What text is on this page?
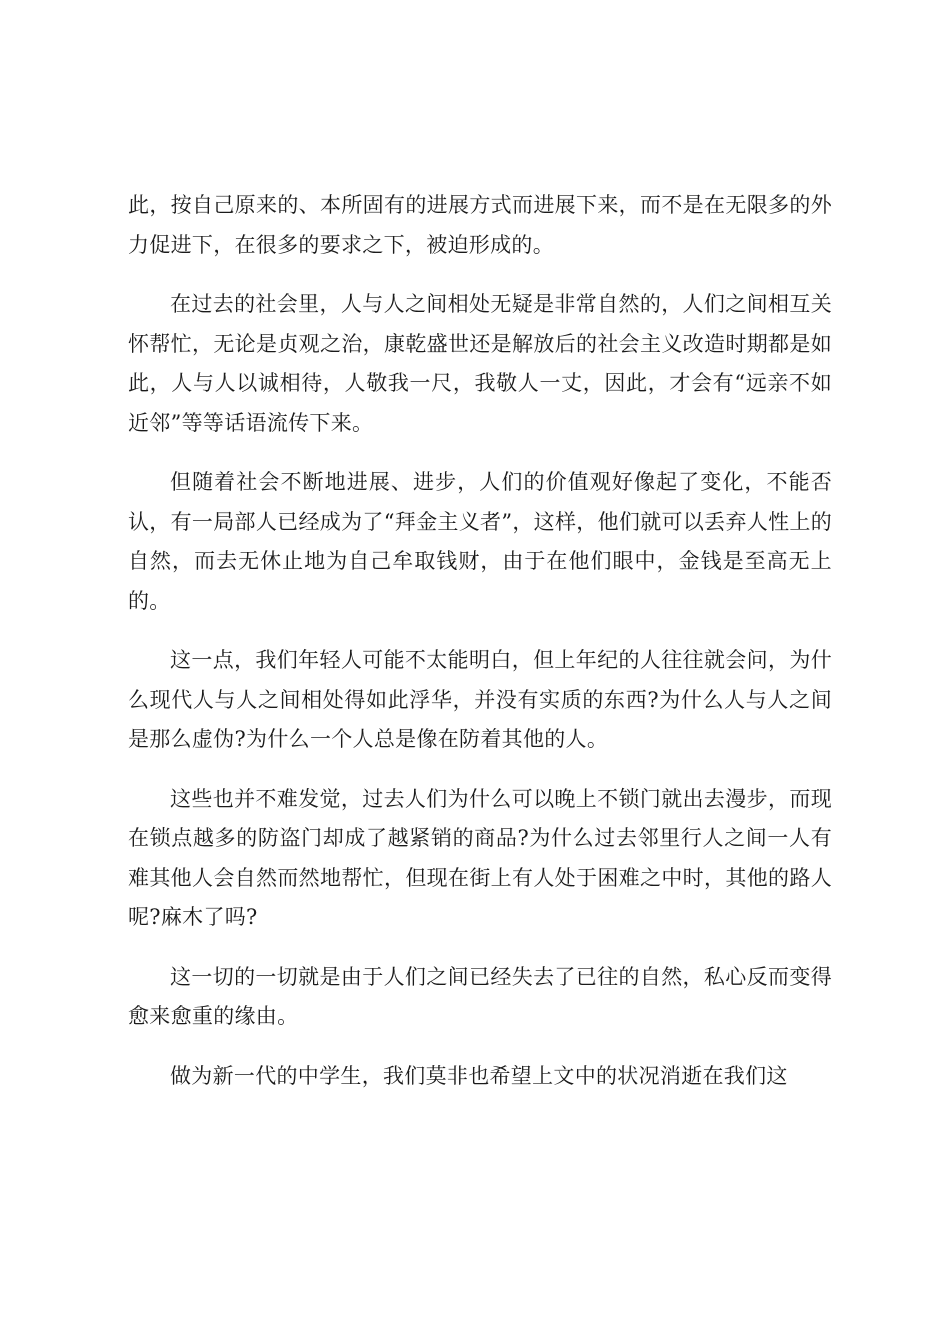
此，按自己原来的、本所固有的进展方式而进展下来，而不是在无限多的外力促进下，在很多的要求之下，被迫形成的。

在过去的社会里，人与人之间相处无疑是非常自然的，人们之间相互关怀帮忙，无论是贞观之治，康乾盛世还是解放后的社会主义改造时期都是如此，人与人以诚相待，人敬我一尺，我敬人一丈，因此，才会有“远亲不如近邻”等等话语流传下来。

但随着社会不断地进展、进步，人们的价值观好像起了变化，不能否认，有一局部人已经成为了“拜金主义者”，这样，他们就可以丢弃人性上的自然，而去无休止地为自己牟取钱财，由于在他们眼中，金钱是至高无上的。

这一点，我们年轻人可能不太能明白，但上年纪的人往往就会问，为什么现代人与人之间相处得如此浮华，并没有实质的东西?为什么人与人之间是那么虚伪?为什么一个人总是像在防着其他的人。

这些也并不难发觉，过去人们为什么可以晚上不锁门就出去漫步，而现在锁点越多的防盗门却成了越紧销的商品?为什么过去邻里行人之间一人有难其他人会自然而然地帮忙，但现在街上有人处于困难之中时，其他的路人呢?麻木了吗?

这一切的一切就是由于人们之间已经失去了已往的自然，私心反而变得愈来愈重的缘由。

做为新一代的中学生，我们莫非也希望上文中的状况消逝在我们这
